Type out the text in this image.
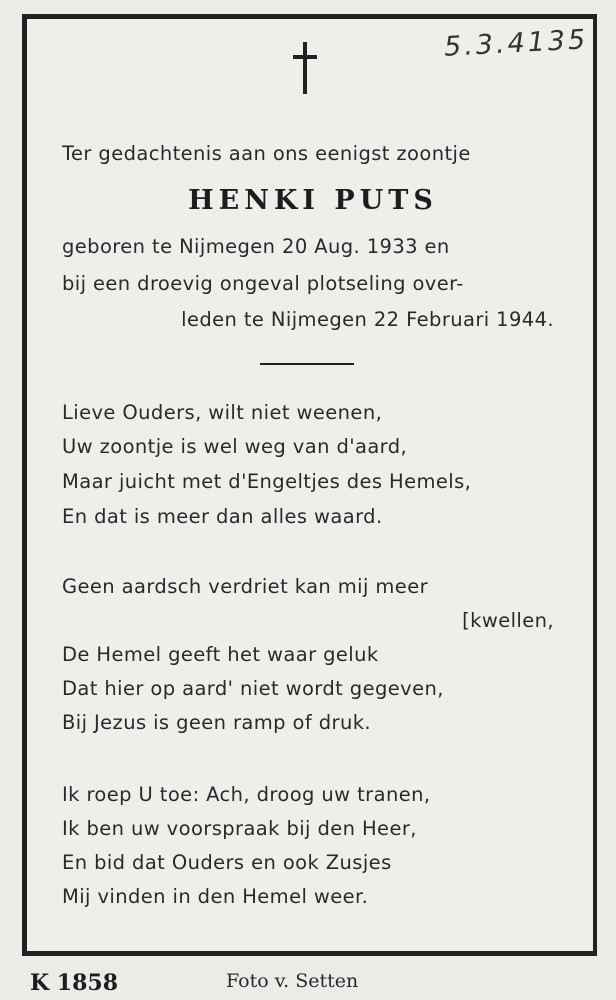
5.3.4135
Ter gedachtenis aan ons eenigst zoontje
HENKI PUTS
geboren te Nijmegen 20 Aug. 1933 en
bij een droevig ongeval plotseling over-
leden te Nijmegen 22 Februari 1944.
Lieve Ouders, wilt niet weenen,
Uw zoontje is wel weg van d'aard,
Maar juicht met d'Engeltjes des Hemels,
En dat is meer dan alles waard.
Geen aardsch verdriet kan mij meer
[kwellen,
De Hemel geeft het waar geluk
Dat hier op aard' niet wordt gegeven,
Bij Jezus is geen ramp of druk.
Ik roep U toe: Ach, droog uw tranen,
Ik ben uw voorspraak bij den Heer,
En bid dat Ouders en ook Zusjes
Mij vinden in den Hemel weer.
K 1858	Foto v. Setten
